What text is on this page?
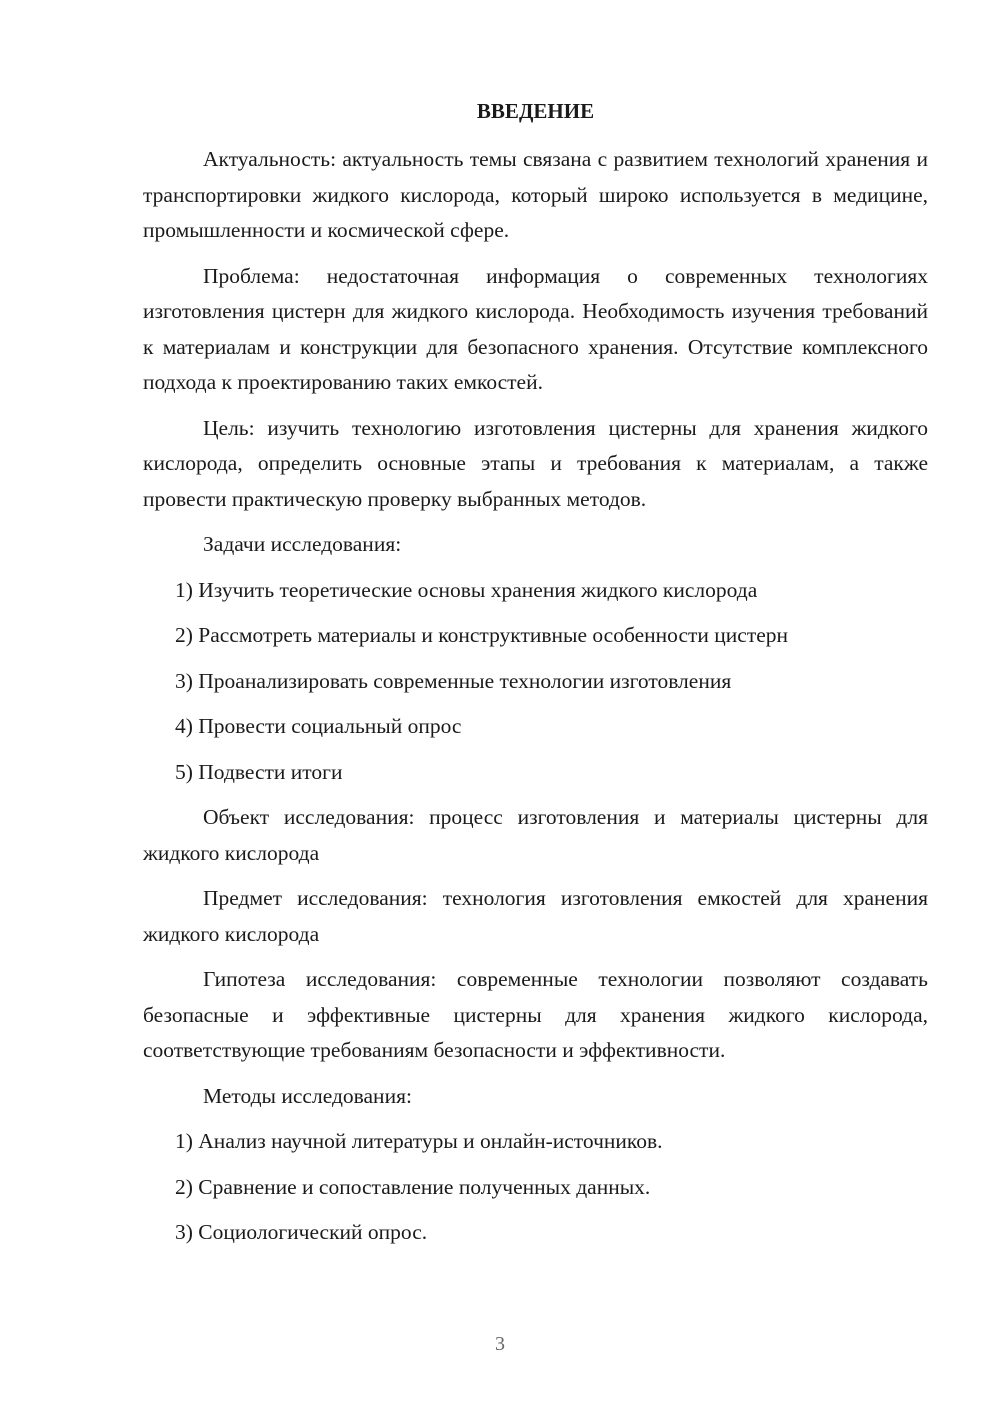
ВВЕДЕНИЕ

Актуальность: актуальность темы связана с развитием технологий хранения и транспортировки жидкого кислорода, который широко используется в медицине, промышленности и космической сфере.

Проблема: недостаточная информация о современных технологиях изготовления цистерн для жидкого кислорода. Необходимость изучения требований к материалам и конструкции для безопасного хранения. Отсутствие комплексного подхода к проектированию таких емкостей.

Цель: изучить технологию изготовления цистерны для хранения жидкого кислорода, определить основные этапы и требования к материалам, а также провести практическую проверку выбранных методов.

Задачи исследования:

1) Изучить теоретические основы хранения жидкого кислорода
2) Рассмотреть материалы и конструктивные особенности цистерн
3) Проанализировать современные технологии изготовления
4) Провести социальный опрос
5) Подвести итоги

Объект исследования: процесс изготовления и материалы цистерны для жидкого кислорода

Предмет исследования: технология изготовления емкостей для хранения жидкого кислорода

Гипотеза исследования: современные технологии позволяют создавать безопасные и эффективные цистерны для хранения жидкого кислорода, соответствующие требованиям безопасности и эффективности.

Методы исследования:

1) Анализ научной литературы и онлайн-источников.
2) Сравнение и сопоставление полученных данных.
3) Социологический опрос.
3
